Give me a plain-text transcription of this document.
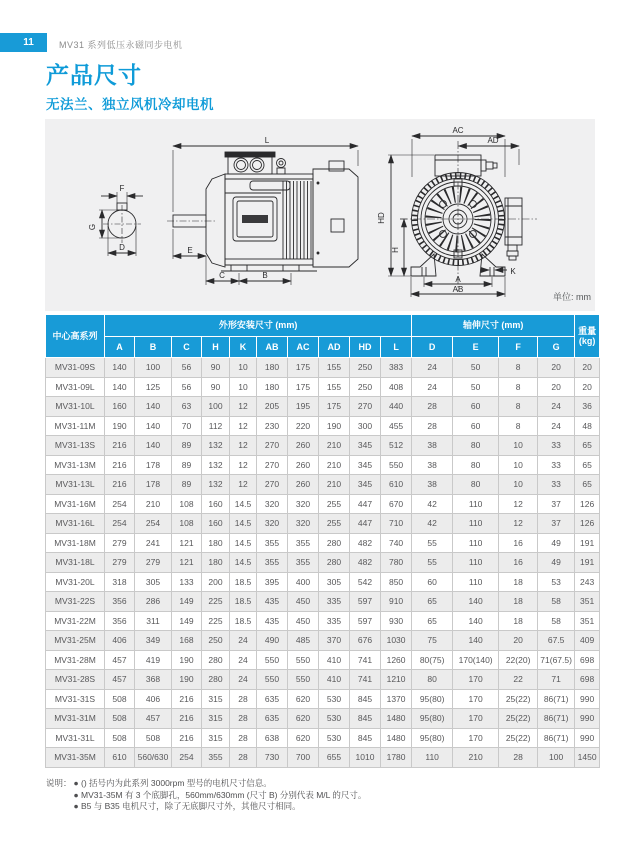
11	MV31 系列低压永磁同步电机
产品尺寸
无法兰、独立风机冷却电机
F
G
D
L
E
C	B
AC
AD
HD
H
A
AB
K
单位: mm
中心高系列	外形安装尺寸 (mm)										轴伸尺寸 (mm)				重量
(kg)

	A	B	C	H	K	AB	AC	AD	HD	L	D	E	F	G	
MV31-09S	140	100	56	90	10	180	175	155	250	383	24	50	8	20	20
MV31-09L	140	125	56	90	10	180	175	155	250	408	24	50	8	20	20
MV31-10L	160	140	63	100	12	205	195	175	270	440	28	60	8	24	36
MV31-11M	190	140	70	112	12	230	220	190	300	455	28	60	8	24	48
MV31-13S	216	140	89	132	12	270	260	210	345	512	38	80	10	33	65
MV31-13M	216	178	89	132	12	270	260	210	345	550	38	80	10	33	65
MV31-13L	216	178	89	132	12	270	260	210	345	610	38	80	10	33	65
MV31-16M	254	210	108	160	14.5	320	320	255	447	670	42	110	12	37	126
MV31-16L	254	254	108	160	14.5	320	320	255	447	710	42	110	12	37	126
MV31-18M	279	241	121	180	14.5	355	355	280	482	740	55	110	16	49	191
MV31-18L	279	279	121	180	14.5	355	355	280	482	780	55	110	16	49	191
MV31-20L	318	305	133	200	18.5	395	400	305	542	850	60	110	18	53	243
MV31-22S	356	286	149	225	18.5	435	450	335	597	910	65	140	18	58	351
MV31-22M	356	311	149	225	18.5	435	450	335	597	930	65	140	18	58	351
MV31-25M	406	349	168	250	24	490	485	370	676	1030	75	140	20	67.5	409
MV31-28M	457	419	190	280	24	550	550	410	741	1260	80(75)	170(140)	22(20)	71(67.5)	698
MV31-28S	457	368	190	280	24	550	550	410	741	1210	80	170	22	71	698
MV31-31S	508	406	216	315	28	635	620	530	845	1370	95(80)	170	25(22)	86(71)	990
MV31-31M	508	457	216	315	28	635	620	530	845	1480	95(80)	170	25(22)	86(71)	990
MV31-31L	508	508	216	315	28	638	620	530	845	1480	95(80)	170	25(22)	86(71)	990
MV31-35M	610	560/630	254	355	28	730	700	655	1010	1780	110	210	28	100	1450
说明： ● () 括号内为此系列 3000rpm 型号的电机尺寸信息。
● MV31-35M 有 3 个底脚孔，560mm/630mm (尺寸 B) 分别代表 M/L 的尺寸。
● B5 与 B35 电机尺寸，除了无底脚尺寸外，其他尺寸相同。
